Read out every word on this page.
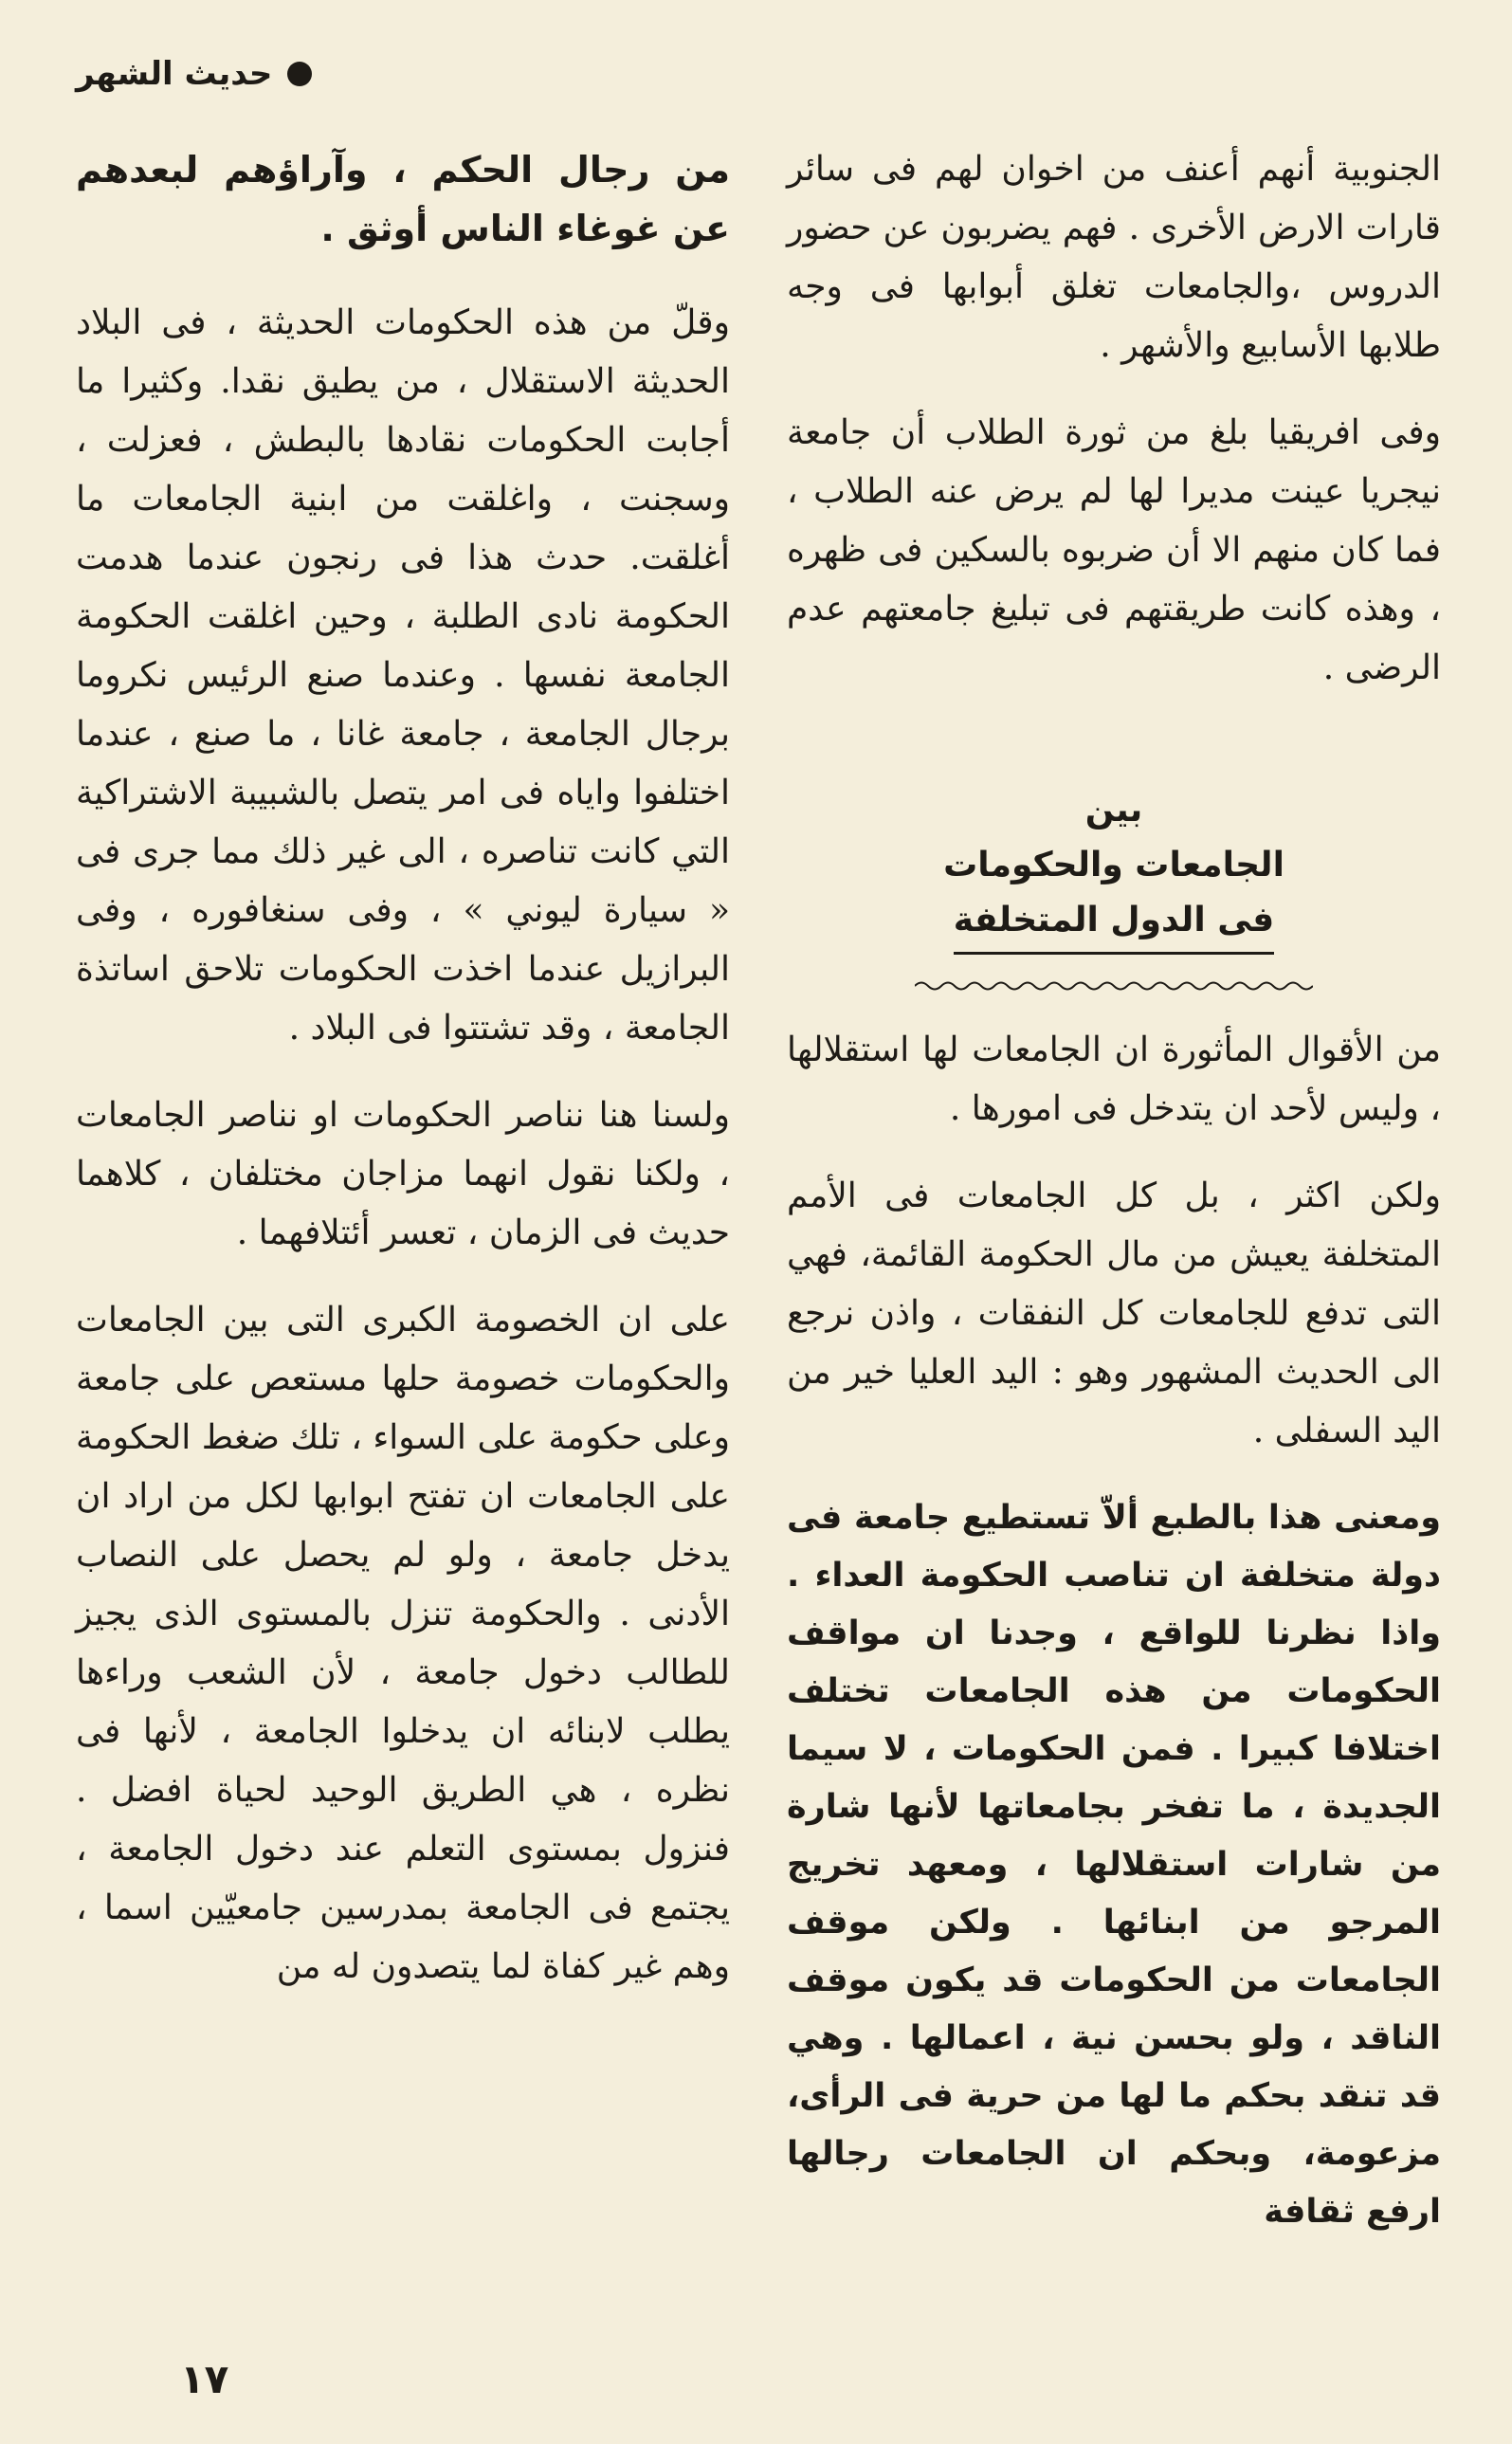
حديث الشهر

الجنوبية أنهم أعنف من اخوان لهم فى سائر قارات الارض الأخرى . فهم يضربون عن حضور الدروس ،والجامعات تغلق أبوابها فى وجه طلابها الأسابيع والأشهر .

وفى افريقيا بلغ من ثورة الطلاب أن جامعة نيجريا عينت مديرا لها لم يرض عنه الطلاب ، فما كان منهم الا أن ضربوه بالسكين فى ظهره ، وهذه كانت طريقتهم فى تبليغ جامعتهم عدم الرضى .

بين
الجامعات والحكومات
فى الدول المتخلفة

من الأقوال المأثورة ان الجامعات لها استقلالها ، وليس لأحد ان يتدخل فى امورها .

ولكن اكثر ، بل كل الجامعات فى الأمم المتخلفة يعيش من مال الحكومة القائمة، فهي التى تدفع للجامعات كل النفقات ، واذن نرجع الى الحديث المشهور وهو : اليد العليا خير من اليد السفلى .

ومعنى هذا بالطبع ألاّ تستطيع جامعة فى دولة متخلفة ان تناصب الحكومة العداء . واذا نظرنا للواقع ، وجدنا ان مواقف الحكومات من هذه الجامعات تختلف اختلافا كبيرا . فمن الحكومات ، لا سيما الجديدة ، ما تفخر بجامعاتها لأنها شارة من شارات استقلالها ، ومعهد تخريج المرجو من ابنائها . ولكن موقف الجامعات من الحكومات قد يكون موقف الناقد ، ولو بحسن نية ، اعمالها . وهي قد تنقد بحكم ما لها من حرية فى الرأى، مزعومة، وبحكم ان الجامعات رجالها ارفع ثقافة

من رجال الحكم ، وآراؤهم لبعدهم عن غوغاء الناس أوثق .

وقلّ من هذه الحكومات الحديثة ، فى البلاد الحديثة الاستقلال ، من يطيق نقدا. وكثيرا ما أجابت الحكومات نقادها بالبطش ، فعزلت ، وسجنت ، واغلقت من ابنية الجامعات ما أغلقت. حدث هذا فى رنجون عندما هدمت الحكومة نادى الطلبة ، وحين اغلقت الحكومة الجامعة نفسها . وعندما صنع الرئيس نكروما برجال الجامعة ، جامعة غانا ، ما صنع ، عندما اختلفوا واياه فى امر يتصل بالشبيبة الاشتراكية التي كانت تناصره ، الى غير ذلك مما جرى فى « سيارة ليوني » ، وفى سنغافوره ، وفى البرازيل عندما اخذت الحكومات تلاحق اساتذة الجامعة ، وقد تشتتوا فى البلاد .

ولسنا هنا نناصر الحكومات او نناصر الجامعات ، ولكنا نقول انهما مزاجان مختلفان ، كلاهما حديث فى الزمان ، تعسر أئتلافهما .

على ان الخصومة الكبرى التى بين الجامعات والحكومات خصومة حلها مستعص على جامعة وعلى حكومة على السواء ، تلك ضغط الحكومة على الجامعات ان تفتح ابوابها لكل من اراد ان يدخل جامعة ، ولو لم يحصل على النصاب الأدنى . والحكومة تنزل بالمستوى الذى يجيز للطالب دخول جامعة ، لأن الشعب وراءها يطلب لابنائه ان يدخلوا الجامعة ، لأنها فى نظره ، هي الطريق الوحيد لحياة افضل . فنزول بمستوى التعلم عند دخول الجامعة ، يجتمع فى الجامعة بمدرسين جامعيّين اسما ، وهم غير كفاة لما يتصدون له من

١٧
